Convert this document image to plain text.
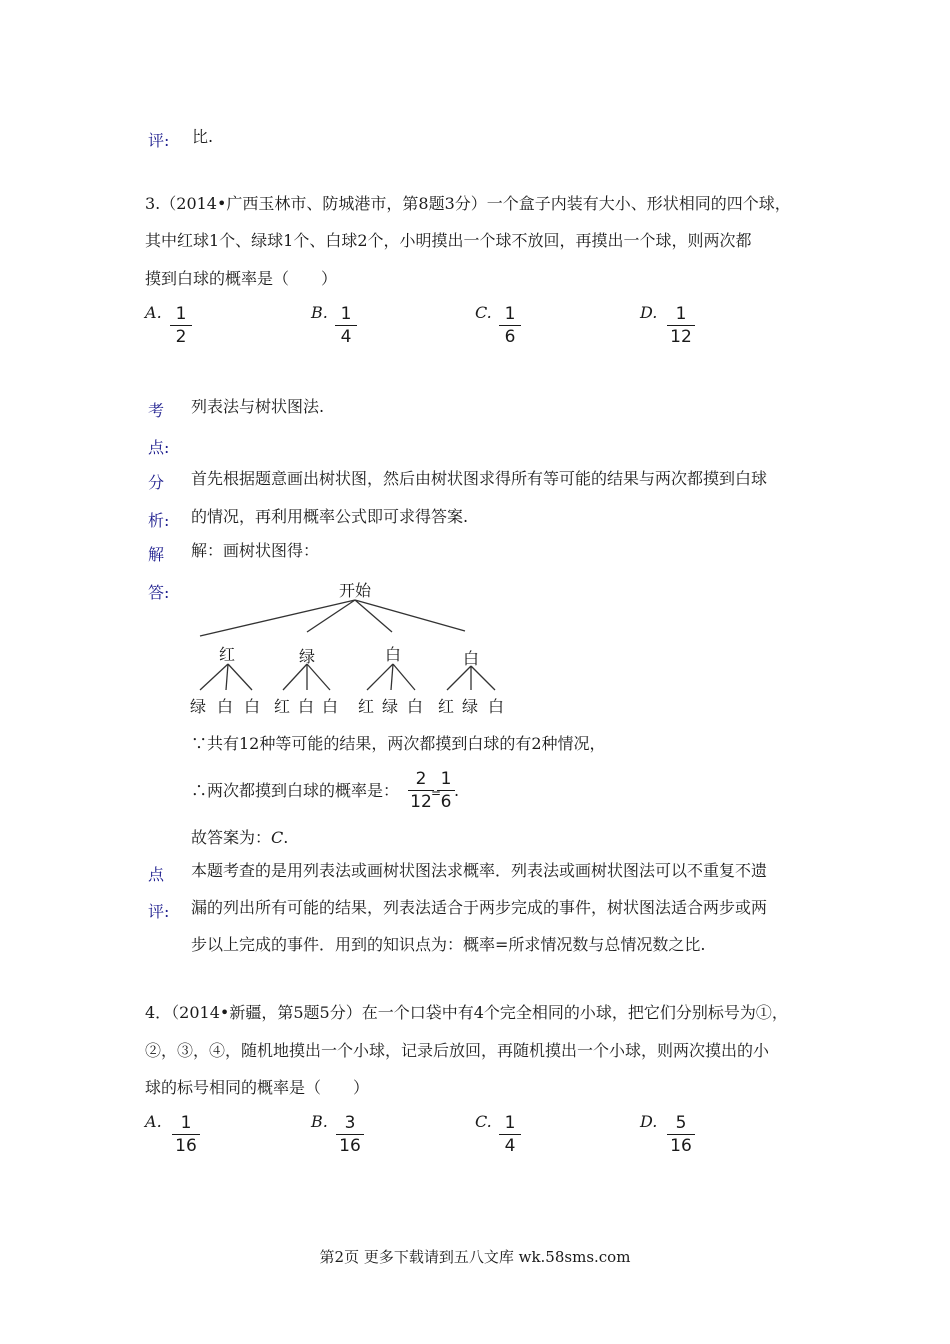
评: 比.
3.（2014•广西玉林市、防城港市，第8题3分）一个盒子内装有大小、形状相同的四个球，
其中红球1个、绿球1个、白球2个，小明摸出一个球不放回，再摸出一个球，则两次都
摸到白球的概率是（　　）
A. 1
2
B. 1
4
C. 1
6
D.	1
12
考
点:
列表法与树状图法.
分
析:
首先根据题意画出树状图，然后由树状图求得所有等可能的结果与两次都摸到白球
的情况，再利用概率公式即可求得答案.
解
答:
解：画树状图得：
开始
红	绿	白	白
绿 白 白 红 白 白 红 绿 白 红 绿 白
∵共有12种等可能的结果，两次都摸到白球的有2种情况，
∴两次都摸到白球的概率是：
2
12 =
1
6
.
故答案为：C.
点
评:
本题考查的是用列表法或画树状图法求概率．列表法或画树状图法可以不重复不遗
漏的列出所有可能的结果，列表法适合于两步完成的事件，树状图法适合两步或两
步以上完成的事件．用到的知识点为：概率=所求情况数与总情况数之比.
4．（2014•新疆，第5题5分）在一个口袋中有4个完全相同的小球，把它们分别标号为①，
②，③，④，随机地摸出一个小球，记录后放回，再随机摸出一个小球，则两次摸出的小
球的标号相同的概率是（　　）
A.	1
16
B. 3
16
C. 1
4
D.	5
16
第2页 更多下载请到五八文库 wk.58sms.com
